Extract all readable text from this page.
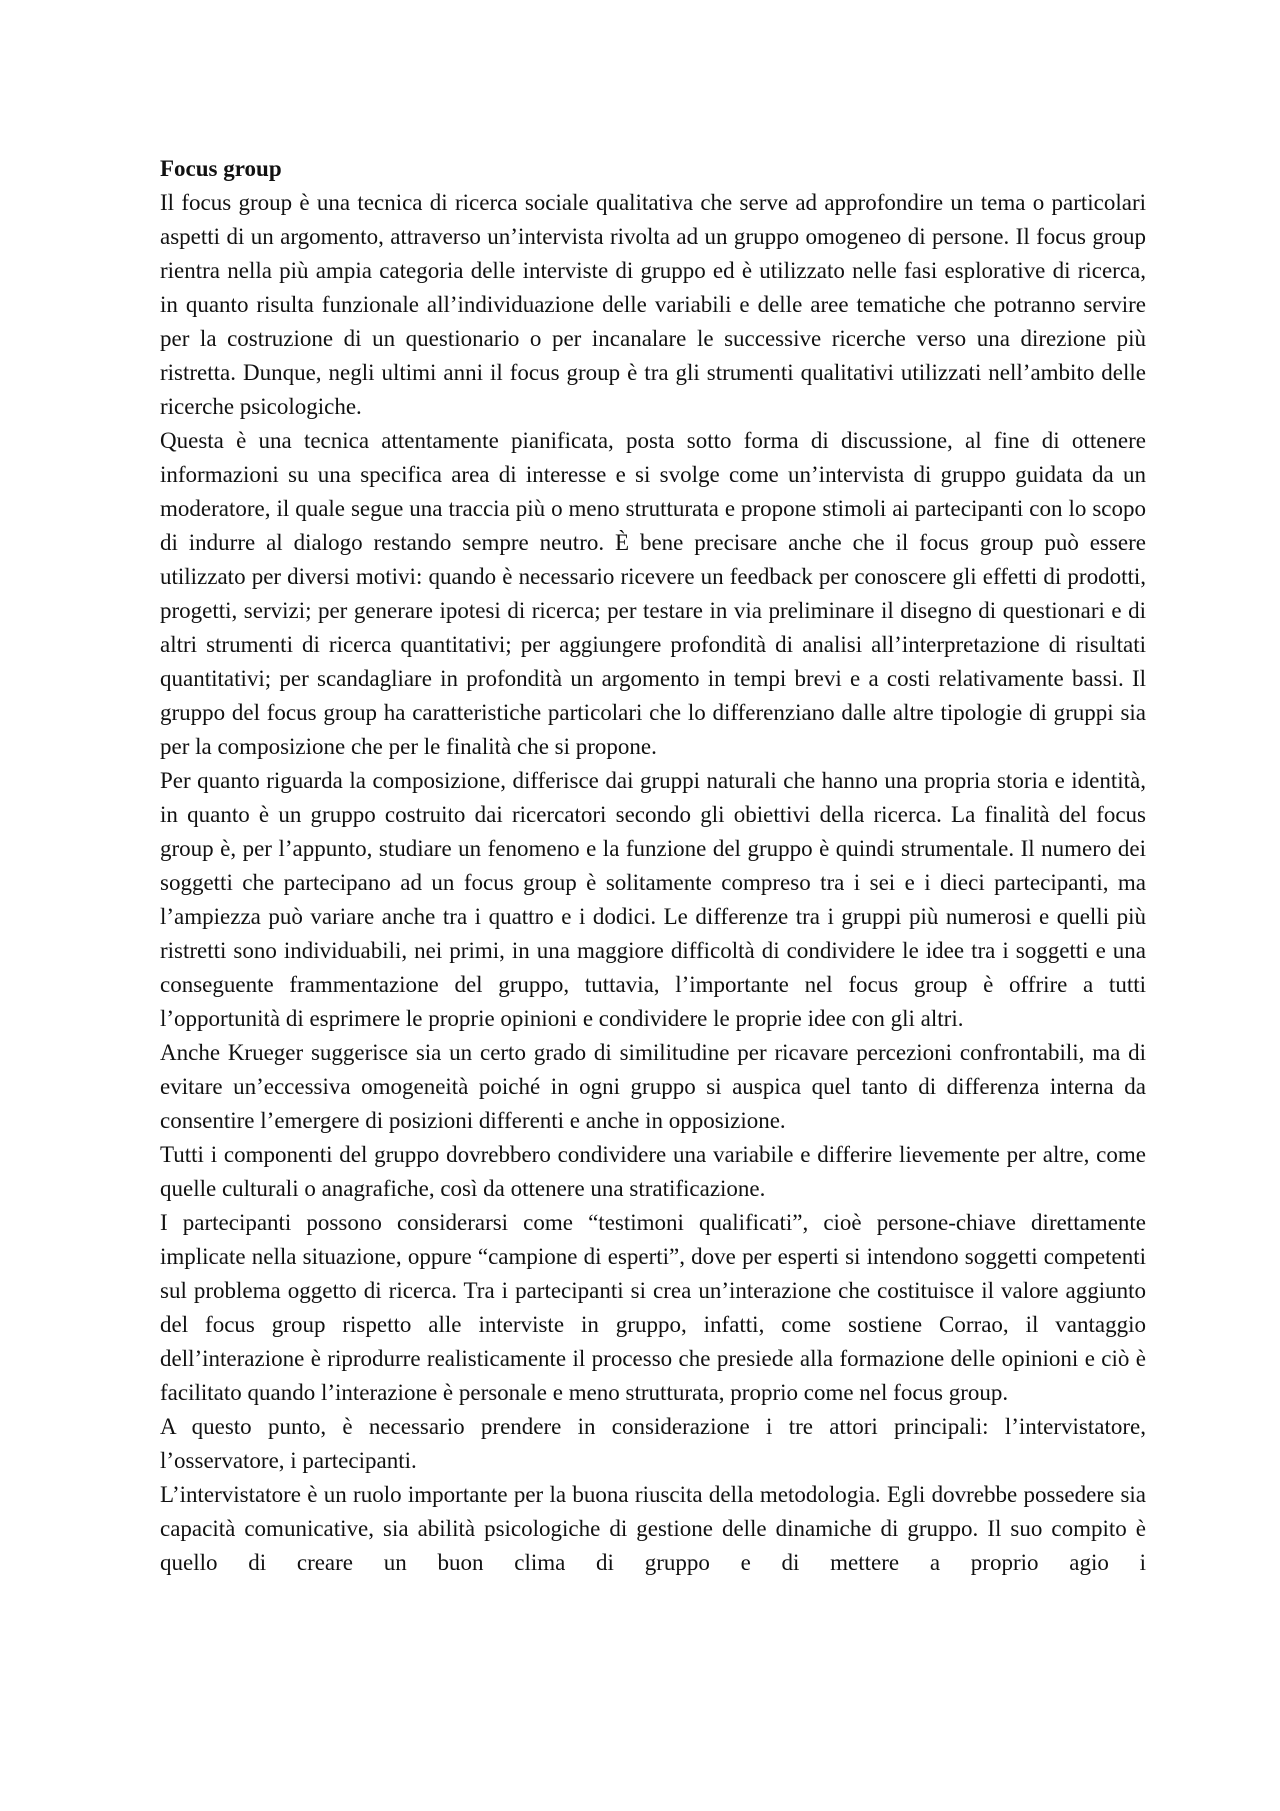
Focus group

Il focus group è una tecnica di ricerca sociale qualitativa che serve ad approfondire un tema o particolari aspetti di un argomento, attraverso un’intervista rivolta ad un gruppo omogeneo di persone. Il focus group rientra nella più ampia categoria delle interviste di gruppo ed è utilizzato nelle fasi esplorative di ricerca, in quanto risulta funzionale all’individuazione delle variabili e delle aree tematiche che potranno servire per la costruzione di un questionario o per incanalare le successive ricerche verso una direzione più ristretta. Dunque, negli ultimi anni il focus group è tra gli strumenti qualitativi utilizzati nell’ambito delle ricerche psicologiche.

Questa è una tecnica attentamente pianificata, posta sotto forma di discussione, al fine di ottenere informazioni su una specifica area di interesse e si svolge come un’intervista di gruppo guidata da un moderatore, il quale segue una traccia più o meno strutturata e propone stimoli ai partecipanti con lo scopo di indurre al dialogo restando sempre neutro. È bene precisare anche che il focus group può essere utilizzato per diversi motivi: quando è necessario ricevere un feedback per conoscere gli effetti di prodotti, progetti, servizi; per generare ipotesi di ricerca; per testare in via preliminare il disegno di questionari e di altri strumenti di ricerca quantitativi; per aggiungere profondità di analisi all’interpretazione di risultati quantitativi; per scandagliare in profondità un argomento in tempi brevi e a costi relativamente bassi. Il gruppo del focus group ha caratteristiche particolari che lo differenziano dalle altre tipologie di gruppi sia per la composizione che per le finalità che si propone.

Per quanto riguarda la composizione, differisce dai gruppi naturali che hanno una propria storia e identità, in quanto è un gruppo costruito dai ricercatori secondo gli obiettivi della ricerca. La finalità del focus group è, per l’appunto, studiare un fenomeno e la funzione del gruppo è quindi strumentale. Il numero dei soggetti che partecipano ad un focus group è solitamente compreso tra i sei e i dieci partecipanti, ma l’ampiezza può variare anche tra i quattro e i dodici. Le differenze tra i gruppi più numerosi e quelli più ristretti sono individuabili, nei primi, in una maggiore difficoltà di condividere le idee tra i soggetti e una conseguente frammentazione del gruppo, tuttavia, l’importante nel focus group è offrire a tutti l’opportunità di esprimere le proprie opinioni e condividere le proprie idee con gli altri.

Anche Krueger suggerisce sia un certo grado di similitudine per ricavare percezioni confrontabili, ma di evitare un’eccessiva omogeneità poiché in ogni gruppo si auspica quel tanto di differenza interna da consentire l’emergere di posizioni differenti e anche in opposizione.

Tutti i componenti del gruppo dovrebbero condividere una variabile e differire lievemente per altre, come quelle culturali o anagrafiche, così da ottenere una stratificazione.

I partecipanti possono considerarsi come “testimoni qualificati”, cioè persone-chiave direttamente implicate nella situazione, oppure “campione di esperti”, dove per esperti si intendono soggetti competenti sul problema oggetto di ricerca. Tra i partecipanti si crea un’interazione che costituisce il valore aggiunto del focus group rispetto alle interviste in gruppo, infatti, come sostiene Corrao, il vantaggio dell’interazione è riprodurre realisticamente il processo che presiede alla formazione delle opinioni e ciò è facilitato quando l’interazione è personale e meno strutturata, proprio come nel focus group.

A questo punto, è necessario prendere in considerazione i tre attori principali: l’intervistatore, l’osservatore, i partecipanti.

L’intervistatore è un ruolo importante per la buona riuscita della metodologia. Egli dovrebbe possedere sia capacità comunicative, sia abilità psicologiche di gestione delle dinamiche di gruppo. Il suo compito è quello di creare un buon clima di gruppo e di mettere a proprio agio i
